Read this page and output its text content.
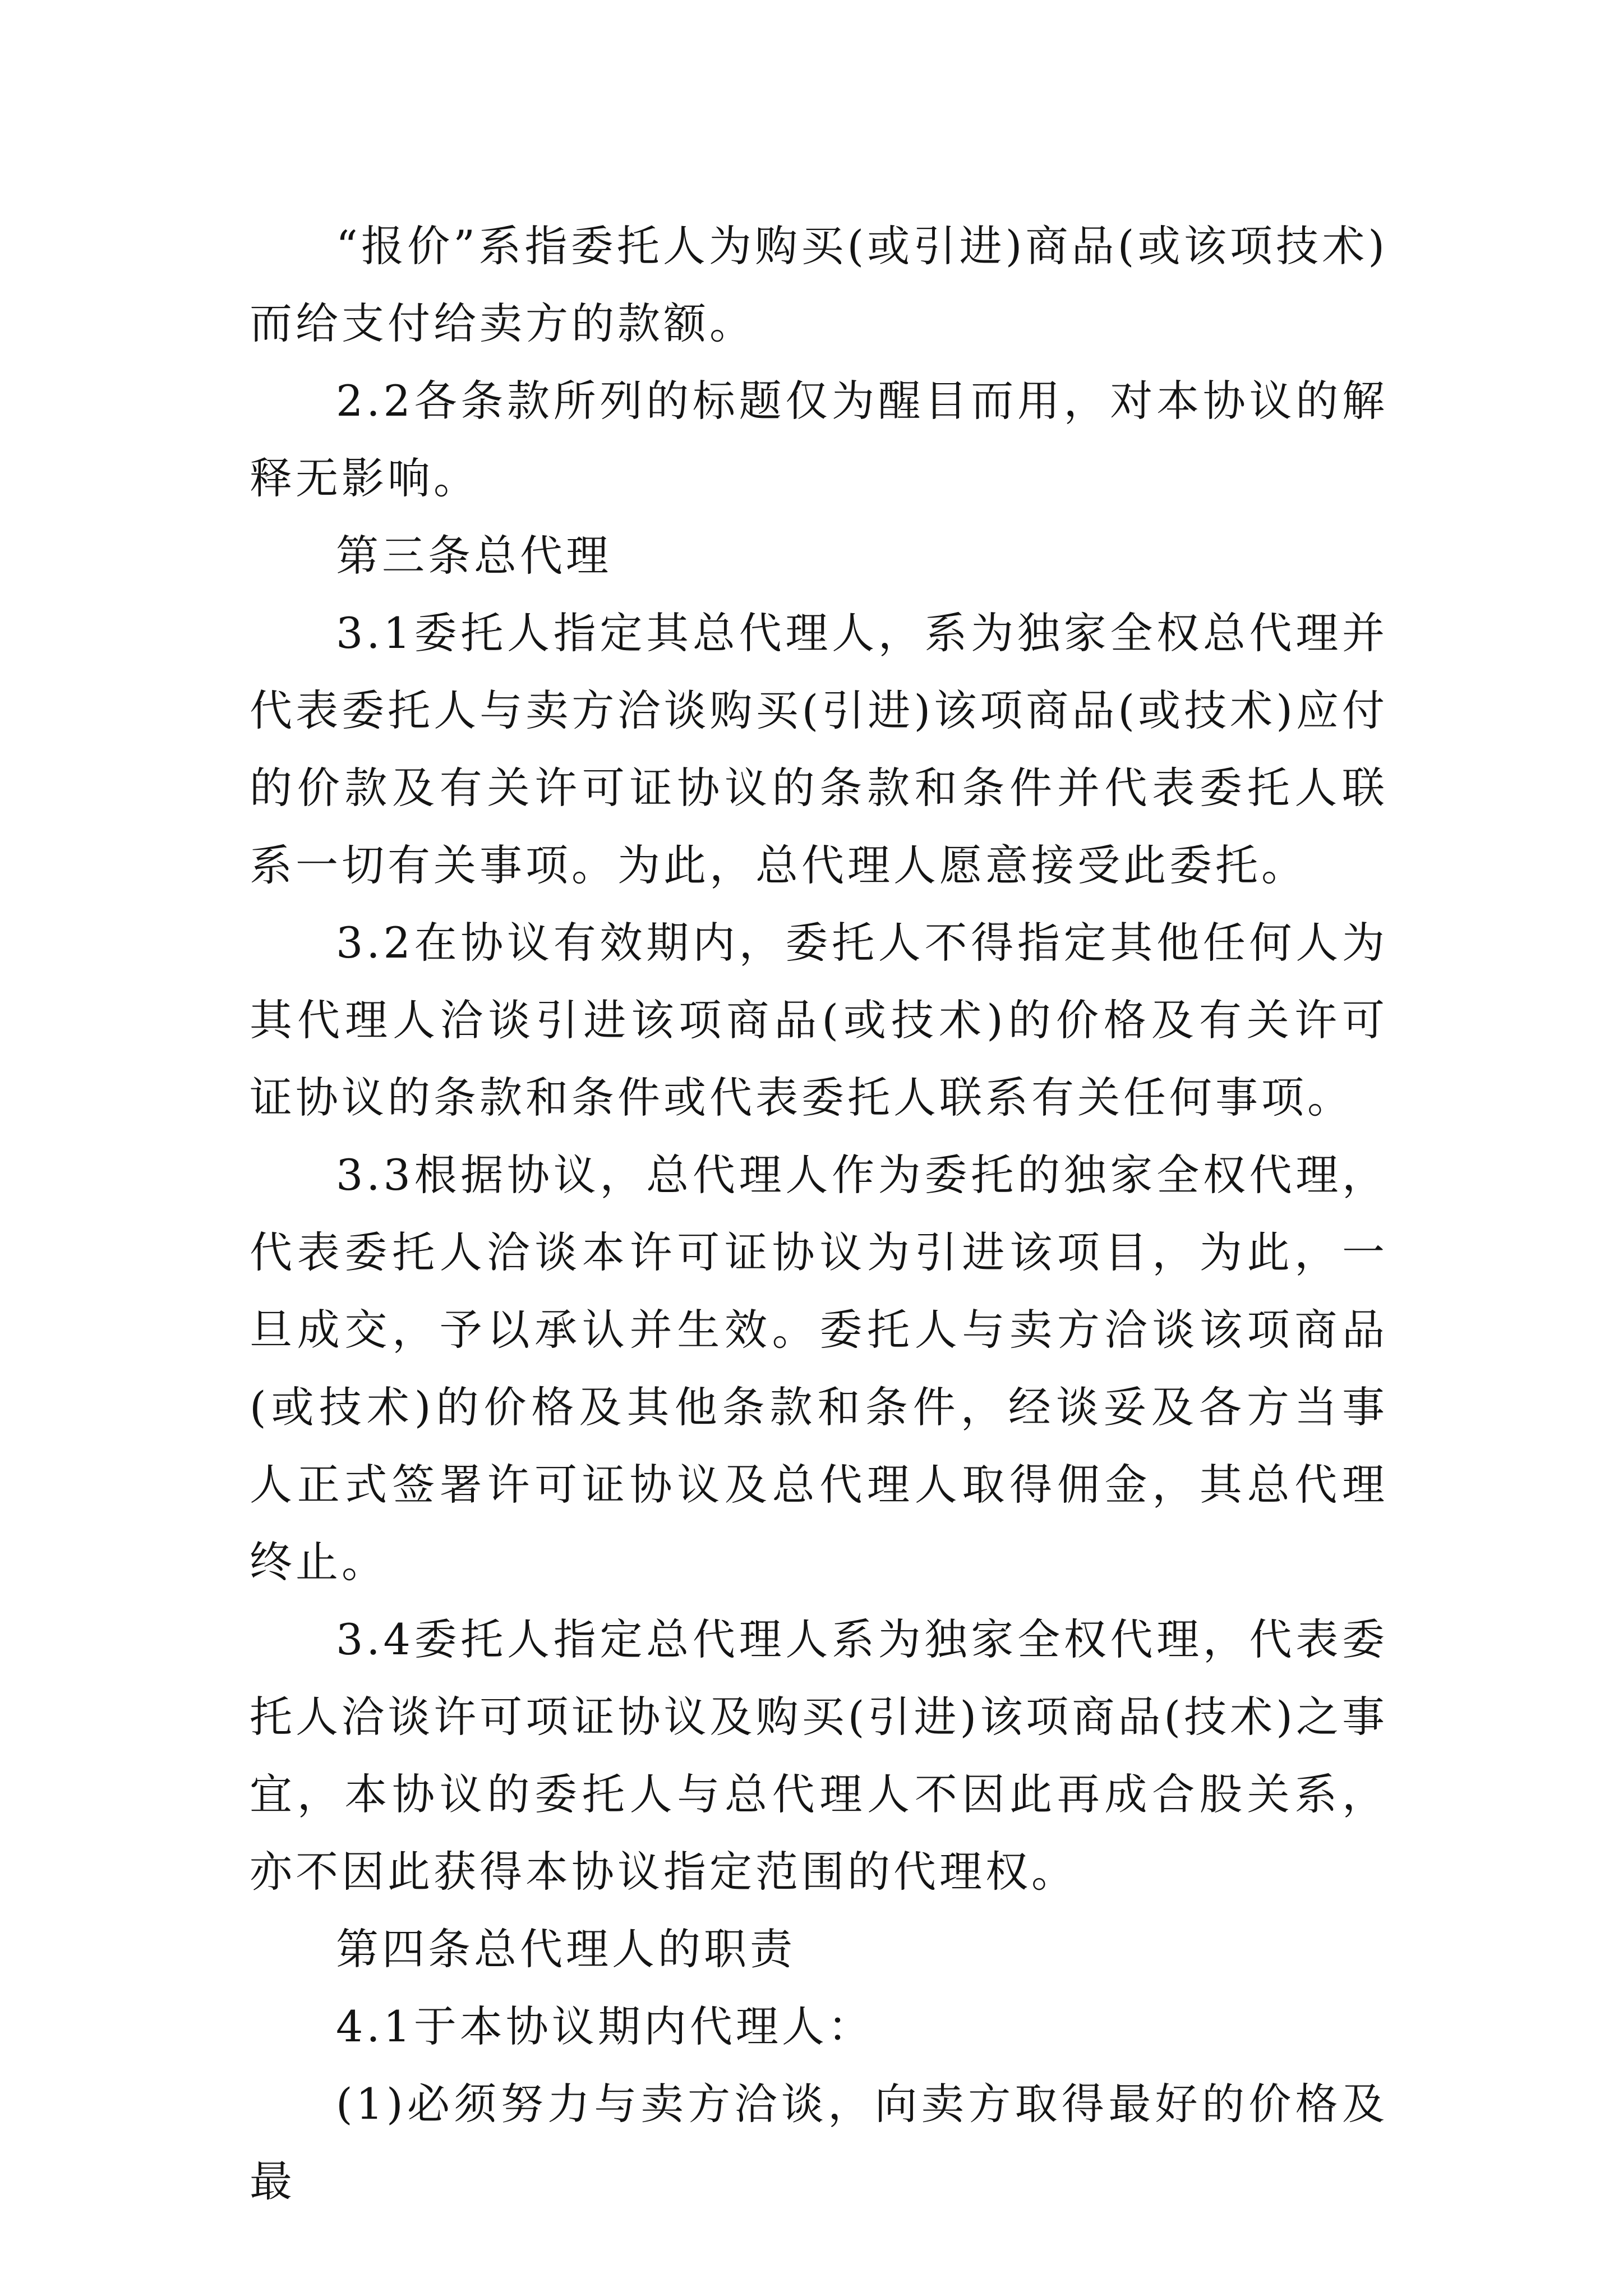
“报价”系指委托人为购买(或引进)商品(或该项技术)而给支付给卖方的款额。

2.2各条款所列的标题仅为醒目而用，对本协议的解释无影响。

第三条总代理

3.1委托人指定其总代理人，系为独家全权总代理并代表委托人与卖方洽谈购买(引进)该项商品(或技术)应付的价款及有关许可证协议的条款和条件并代表委托人联系一切有关事项。为此，总代理人愿意接受此委托。

3.2在协议有效期内，委托人不得指定其他任何人为其代理人洽谈引进该项商品(或技术)的价格及有关许可证协议的条款和条件或代表委托人联系有关任何事项。

3.3根据协议，总代理人作为委托的独家全权代理，代表委托人洽谈本许可证协议为引进该项目，为此，一旦成交，予以承认并生效。委托人与卖方洽谈该项商品(或技术)的价格及其他条款和条件，经谈妥及各方当事人正式签署许可证协议及总代理人取得佣金，其总代理终止。

3.4委托人指定总代理人系为独家全权代理，代表委托人洽谈许可项证协议及购买(引进)该项商品(技术)之事宜，本协议的委托人与总代理人不因此再成合股关系，亦不因此获得本协议指定范围的代理权。

第四条总代理人的职责

4.1于本协议期内代理人：

(1)必须努力与卖方洽谈，向卖方取得最好的价格及最
